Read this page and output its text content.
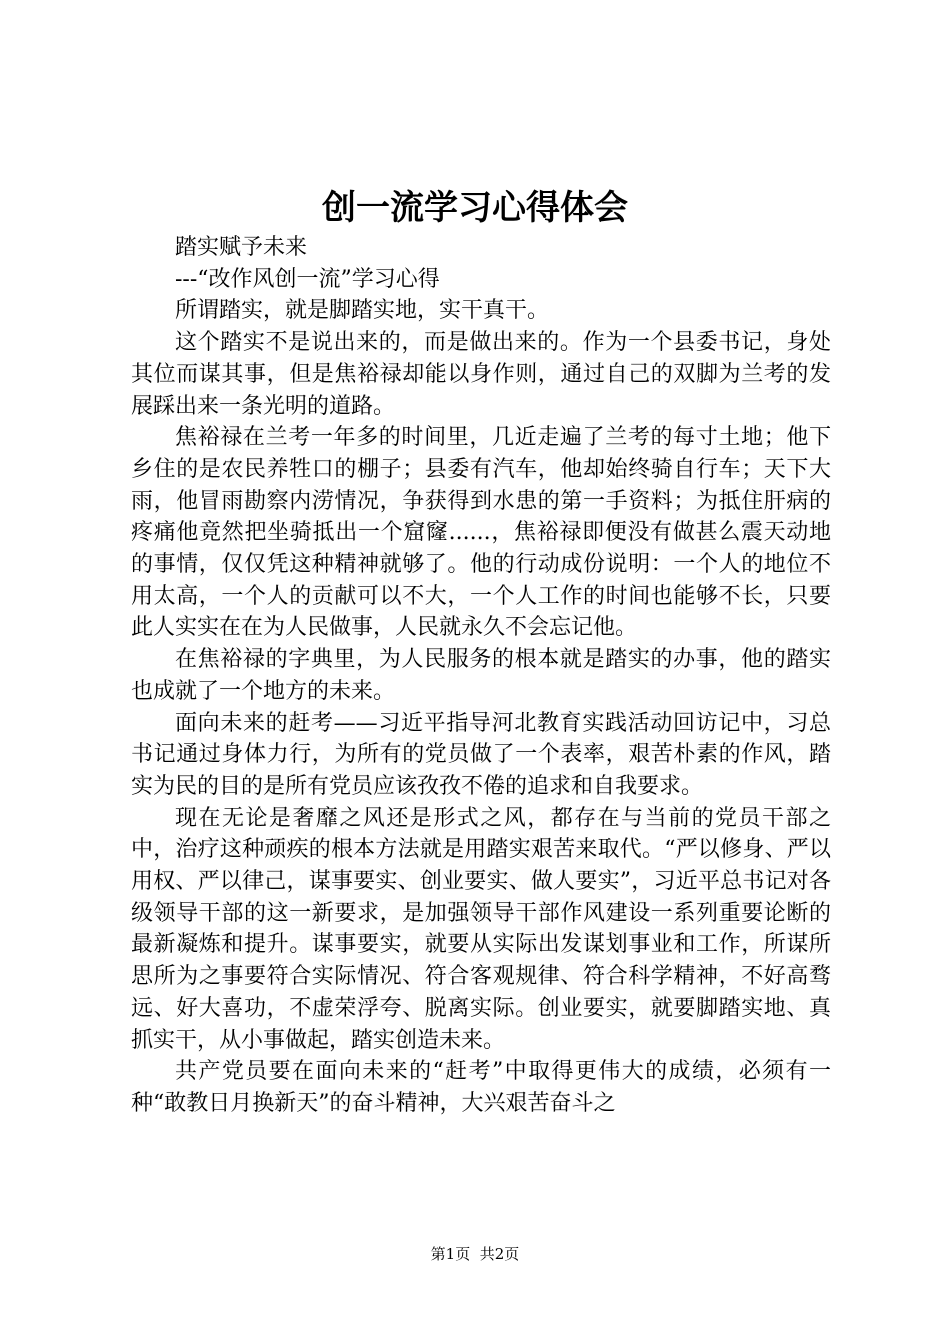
创一流学习心得体会

踏实赋予未来

---“改作风创一流”学习心得

所谓踏实，就是脚踏实地，实干真干。

这个踏实不是说出来的，而是做出来的。作为一个县委书记，身处其位而谋其事，但是焦裕禄却能以身作则，通过自己的双脚为兰考的发展踩出来一条光明的道路。

焦裕禄在兰考一年多的时间里，几近走遍了兰考的每寸土地；他下乡住的是农民养牲口的棚子；县委有汽车，他却始终骑自行车；天下大雨，他冒雨勘察内涝情况，争获得到水患的第一手资料；为抵住肝病的疼痛他竟然把坐骑抵出一个窟窿......，焦裕禄即便没有做甚么震天动地的事情，仅仅凭这种精神就够了。他的行动成份说明：一个人的地位不用太高，一个人的贡献可以不大，一个人工作的时间也能够不长，只要此人实实在在为人民做事，人民就永久不会忘记他。

在焦裕禄的字典里，为人民服务的根本就是踏实的办事，他的踏实也成就了一个地方的未来。

面向未来的赶考——习近平指导河北教育实践活动回访记中，习总书记通过身体力行，为所有的党员做了一个表率，艰苦朴素的作风，踏实为民的目的是所有党员应该孜孜不倦的追求和自我要求。

现在无论是奢靡之风还是形式之风，都存在与当前的党员干部之中，治疗这种顽疾的根本方法就是用踏实艰苦来取代。“严以修身、严以用权、严以律己，谋事要实、创业要实、做人要实”，习近平总书记对各级领导干部的这一新要求，是加强领导干部作风建设一系列重要论断的最新凝炼和提升。谋事要实，就要从实际出发谋划事业和工作，所谋所思所为之事要符合实际情况、符合客观规律、符合科学精神，不好高骛远、好大喜功，不虚荣浮夸、脱离实际。创业要实，就要脚踏实地、真抓实干，从小事做起，踏实创造未来。

共产党员要在面向未来的“赶考”中取得更伟大的成绩，必须有一种“敢教日月换新天”的奋斗精神，大兴艰苦奋斗之

第1页 共2页
